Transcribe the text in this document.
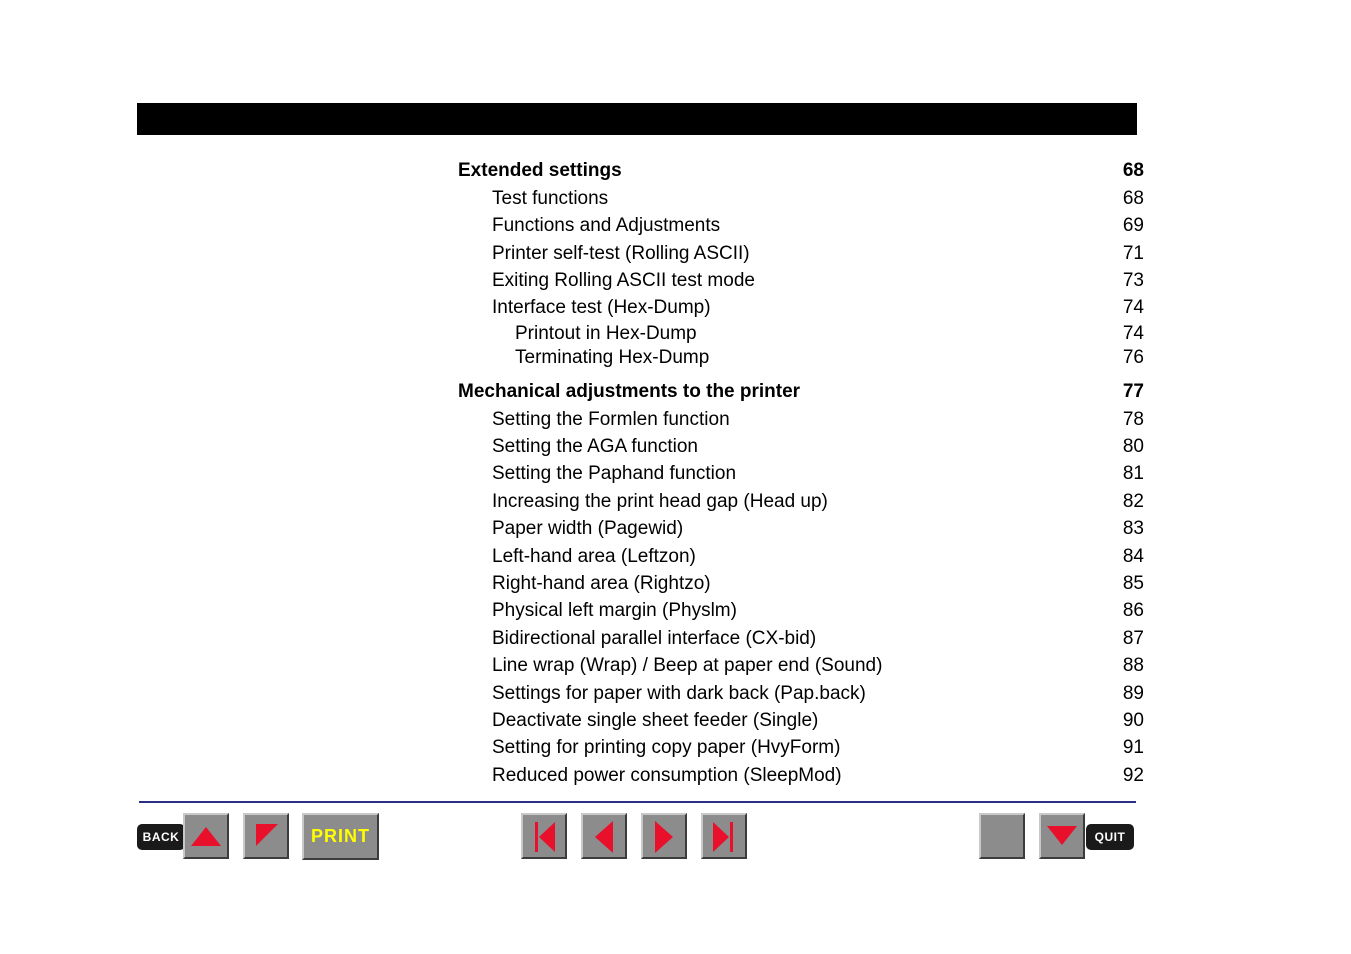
Extended settings	68
Test functions	68
Functions and Adjustments	69
Printer self-test (Rolling ASCII)	71
Exiting Rolling ASCII test mode	73
Interface test (Hex-Dump)	74
Printout in Hex-Dump	74
Terminating Hex-Dump	76
Mechanical adjustments to the printer	77
Setting the Formlen function	78
Setting the AGA function	80
Setting the Paphand function	81
Increasing the print head gap (Head up)	82
Paper width (Pagewid)	83
Left-hand area (Leftzon)	84
Right-hand area (Rightzo)	85
Physical left margin (Physlm)	86
Bidirectional parallel interface (CX-bid)	87
Line wrap (Wrap) / Beep at paper end (Sound)	88
Settings for paper with dark back (Pap.back)	89
Deactivate single sheet feeder (Single)	90
Setting for printing copy paper (HvyForm)	91
Reduced power consumption (SleepMod)	92
BACK	PRINT	QUIT
